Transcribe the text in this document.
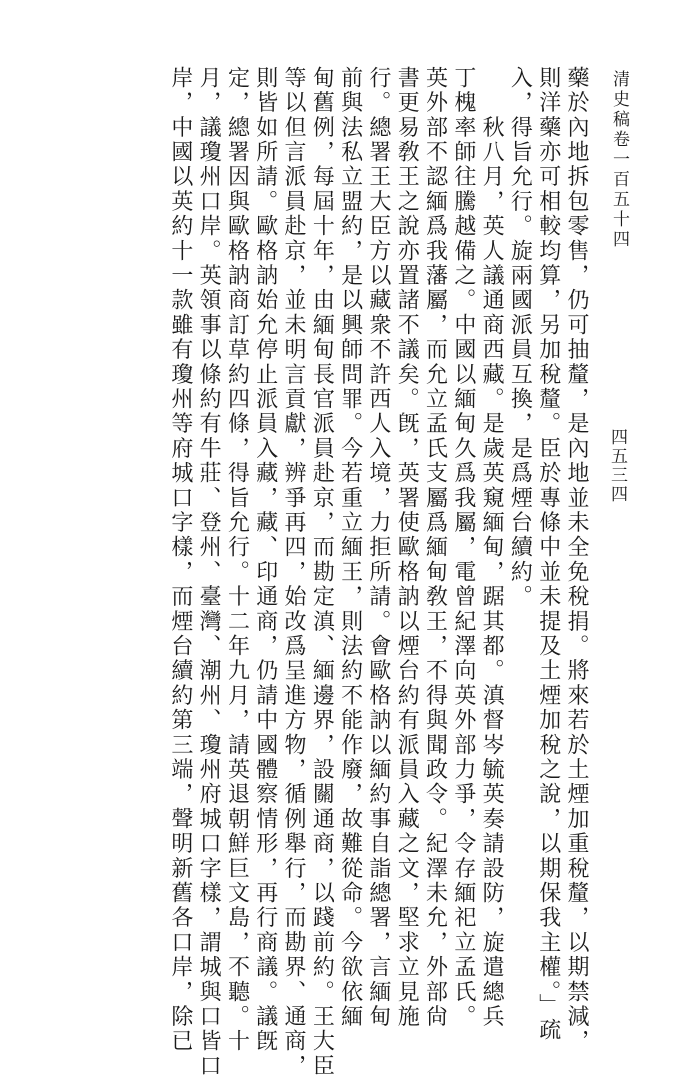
清史稿卷一百五十四
四五三四
藥於內地拆包零售，仍可抽釐，是內地並未全免稅捐。將來若於土煙加重稅釐，以期禁減，
則洋藥亦可相較均算，另加稅釐。臣於專條中並未提及土煙加稅之說，以期保我主權。」疏
入，得旨允行。旋兩國派員互換，是爲煙台續約。
　　秋八月，英人議通商西藏。是歲英窺緬甸，踞其都。滇督岑毓英奏請設防，旋遣總兵
丁槐率師往騰越備之。中國以緬甸久爲我屬，電曾紀澤向英外部力爭，令存緬祀立孟氏。
英外部不認緬爲我藩屬，而允立孟氏支屬爲緬甸敎王，不得與聞政令。紀澤未允，外部尙
書更易敎王之說亦置諸不議矣。旣，英署使歐格訥以煙台約有派員入藏之文，堅求立見施
行。總署王大臣方以藏衆不許西人入境，力拒所請。會歐格訥以緬約事自詣總署，言緬甸
前與法私立盟約，是以興師問罪。今若重立緬王，則法約不能作廢，故難從命。今欲依緬
甸舊例，每屆十年，由緬甸長官派員赴京，而勘定滇、緬邊界，設關通商，以踐前約。王大臣
等以但言派員赴京，並未明言貢獻，辨爭再四，始改爲呈進方物，循例舉行，而勘界、通商，
則皆如所請。歐格訥始允停止派員入藏，藏、印通商，仍請中國體察情形，再行商議。議旣
定，總署因與歐格訥商訂草約四條，得旨允行。十二年九月，請英退朝鮮巨文島，不聽。十
月，議瓊州口岸。英領事以條約有牛莊、登州、臺灣、潮州、瓊州府城口字樣，謂城與口皆口
岸，中國以英約十一款雖有瓊州等府城口字樣，而煙台續約第三端，聲明新舊各口岸，除已
